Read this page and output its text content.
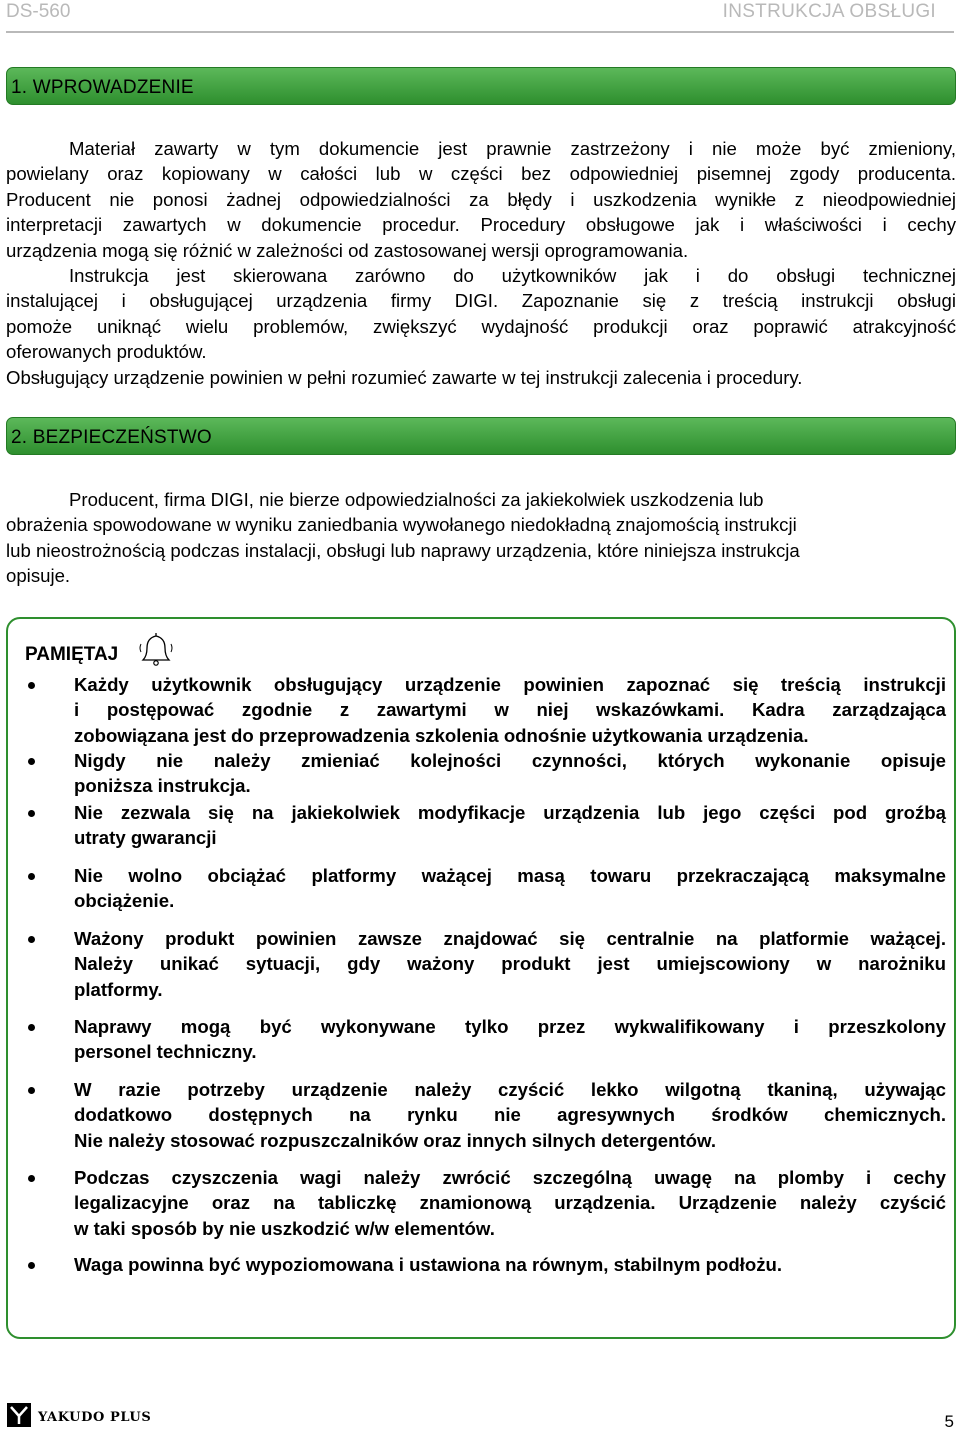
DS-560	INSTRUKCJA OBSŁUGI
1. WPROWADZENIE
Materiał zawarty w tym dokumencie jest prawnie zastrzeżony i nie może być zmieniony,
powielany oraz kopiowany w całości lub w części bez odpowiedniej pisemnej zgody producenta.
Producent nie ponosi żadnej odpowiedzialności za błędy i uszkodzenia wynikłe z nieodpowiedniej
interpretacji zawartych w dokumencie procedur. Procedury obsługowe jak i właściwości i cechy
urządzenia mogą się różnić w zależności od zastosowanej wersji oprogramowania.
Instrukcja jest skierowana zarówno do użytkowników jak i do obsługi technicznej
instalującej i obsługującej urządzenia firmy DIGI. Zapoznanie się z treścią instrukcji obsługi
pomoże uniknąć wielu problemów, zwiększyć wydajność produkcji oraz poprawić atrakcyjność
oferowanych produktów.
Obsługujący urządzenie powinien w pełni rozumieć zawarte w tej instrukcji zalecenia i procedury.
2. BEZPIECZEŃSTWO
Producent, firma DIGI, nie bierze odpowiedzialności za jakiekolwiek uszkodzenia lub
obrażenia spowodowane w wyniku zaniedbania wywołanego niedokładną znajomością instrukcji
lub nieostrożnością podczas instalacji, obsługi lub naprawy urządzenia, które niniejsza instrukcja
opisuje.
PAMIĘTAJ
Każdy użytkownik obsługujący urządzenie powinien zapoznać się treścią instrukcji
i postępować zgodnie z zawartymi w niej wskazówkami. Kadra zarządzająca
zobowiązana jest do przeprowadzenia szkolenia odnośnie użytkowania urządzenia.
Nigdy nie należy zmieniać kolejności czynności, których wykonanie opisuje
poniższa instrukcja.
Nie zezwala się na jakiekolwiek modyfikacje urządzenia lub jego części pod groźbą
utraty gwarancji
Nie wolno obciążać platformy ważącej masą towaru przekraczającą maksymalne
obciążenie.
Ważony produkt powinien zawsze znajdować się centralnie na platformie ważącej.
Należy unikać sytuacji, gdy ważony produkt jest umiejscowiony w narożniku
platformy.
Naprawy mogą być wykonywane tylko przez wykwalifikowany i przeszkolony
personel techniczny.
W razie potrzeby urządzenie należy czyścić lekko wilgotną tkaniną, używając
dodatkowo dostępnych na rynku nie agresywnych środków chemicznych.
Nie należy stosować rozpuszczalników oraz innych silnych detergentów.
Podczas czyszczenia wagi należy zwrócić szczególną uwagę na plomby i cechy
legalizacyjne oraz na tabliczkę znamionową urządzenia. Urządzenie należy czyścić
w taki sposób by nie uszkodzić w/w elementów.
Waga powinna być wypoziomowana i ustawiona na równym, stabilnym podłożu.
YAKUDO PLUS	5
